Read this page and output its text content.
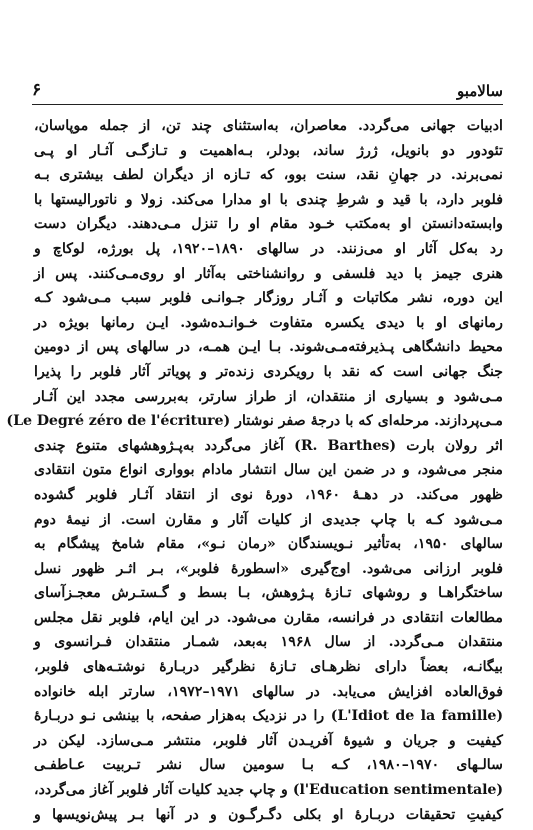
سالامبو
۶
ادبیات جهانی می‌گردد. معاصران، به‌استثنای چند تن، از جمله موپاسان،
تئودور دو بانویل، ژرژ ساند، بودلر، بـه‌اهمیت و تـازگـی آثـار او پـی
نمی‌برند. در جهانِ نقد، سنت بوو، که تـازه از دیگران لطف بیشتری بـه
فلوبر دارد، با قید و شرطِ چندی با او مدارا می‌کند. زولا و ناتورالیستها با
وابسته‌دانستن او به‌مکتب خـود مقام او را تنزل مـی‌دهند. دیگران دست
رد به‌کل آثار او می‌زنند. در سالهای ۱۸۹۰–۱۹۲۰، پل بورژه، لوکاچ و
هنری جیمز با دید فلسفی و روانشناختی به‌آثار او روی‌مـی‌کنند. پس از
این دوره، نشر مکاتبات و آثـار روزگار جـوانـی فلوبر سبب مـی‌شود کـه
رمانهای او با دیدی یکسره متفاوت خـوانـده‌شود. ایـن رمانها بویژه در
محیط دانشگاهی پـذیرفته‌مـی‌شوند. بـا ایـن همـه، در سالهای پس از دومین
جنگ جهانی است که نقد با رویکردی زنده‌تر و پویاتر آثار فلوبر را پذیرا
مـی‌شود و بسیاری از منتقدان، از طراز سارتر، به‌بررسی مجدد این آثـار
مـی‌پردازند. مرحله‌ای که با درجهٔ صفر نوشتار (Le Degré zéro de l'écriture)
اثر رولان بارت (R. Barthes) آغاز می‌گردد به‌پـژوهشهای متنوع چندی
منجر می‌شود، و در ضمن این سال انتشار مادام بوواری انواع متون انتقادی
ظهور می‌کند. در دهـهٔ ۱۹۶۰، دورهٔ نوی از انتقاد آثـار فلوبر گشوده
مـی‌شود کـه با چاپ جدیدی از کلیات آثار و مقارن است. از نیمهٔ دوم
سالهای ۱۹۵۰، به‌تأثیر نـویسندگان «رمان نـو»، مقام شامخ پیشگام به
فلوبر ارزانی می‌شود. اوج‌گیری «اسطورهٔ فلوبر»، بـر اثـر ظهور نسل
ساختگراهـا و روشهای تـازهٔ پـژوهش، بـا بسط و گـستـرش معجـزآسای
مطالعات انتقادی در فرانسه، مقارن می‌شود. در این ایام، فلوبر نقل مجلس
منتقدان مـی‌گردد. از سال ۱۹۶۸ به‌بعد، شمـار منتقدان فـرانسوی و
بیگانـه، بعضاً دارای نظرهـای تـازهٔ نظرگیر دربـارهٔ نوشتـه‌های فلوبر،
فوق‌العاده افزایش می‌یابد. در سالهای ۱۹۷۱–۱۹۷۲، سارتر ابله خانواده
(L'Idiot de la famille) را در نزدیک به‌هزار صفحه، با بینشی نـو دربـارهٔ
کیفیت و جریان و شیوهٔ آفریـدن آثار فلوبر، منتشر مـی‌سازد. لیکن در
سالـهای ۱۹۷۰–۱۹۸۰، کـه بـا سومین سال نشر تـربیت عـاطفـی
(l'Education sentimentale) و چاپ جدید کلیات آثار فلوبر آغاز می‌گردد،
کیفیتِ تحقیقات دربـارهٔ او بکلی دگـرگـون و در آنها بـر پیش‌نویسها و
